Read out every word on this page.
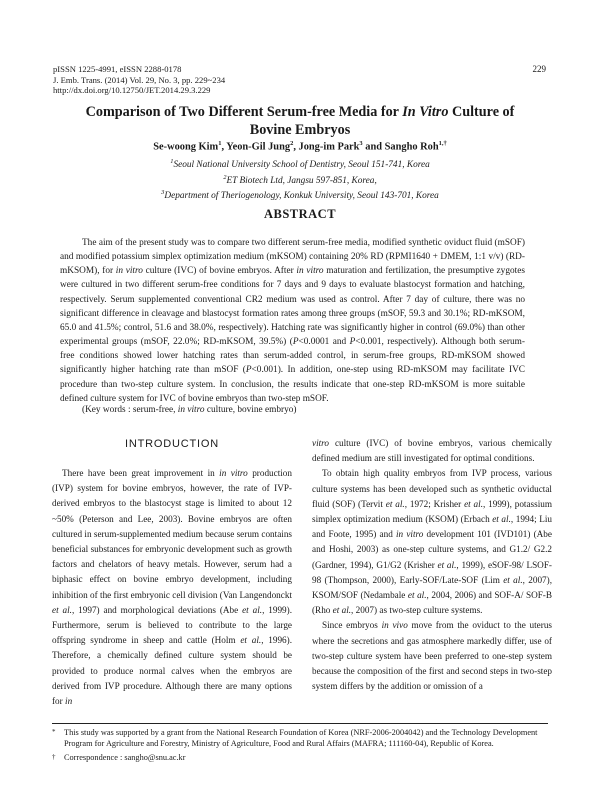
pISSN 1225-4991, eISSN 2288-0178
J. Emb. Trans. (2014) Vol. 29, No. 3, pp. 229~234
http://dx.doi.org/10.12750/JET.2014.29.3.229
229
Comparison of Two Different Serum-free Media for In Vitro Culture of
Bovine Embryos
Se-woong Kim$^1$, Yeon-Gil Jung$^2$, Jong-im Park$^3$ and Sangho Roh$^{1,\dagger}$
$^1$Seoul National University School of Dentistry, Seoul 151-741, Korea
$^2$ET Biotech Ltd, Jangsu 597-851, Korea,
$^3$Department of Theriogenology, Konkuk University, Seoul 143-701, Korea
ABSTRACT
The aim of the present study was to compare two different serum-free media, modified synthetic oviduct fluid (mSOF) and modified potassium simplex optimization medium (mKSOM) containing 20% RD (RPMI1640 + DMEM, 1:1 v/v) (RD-mKSOM), for in vitro culture (IVC) of bovine embryos. After in vitro maturation and fertilization, the presumptive zygotes were cultured in two different serum-free conditions for 7 days and 9 days to evaluate blastocyst formation and hatching, respectively. Serum supplemented conventional CR2 medium was used as control. After 7 day of culture, there was no significant difference in cleavage and blastocyst formation rates among three groups (mSOF, 59.3 and 30.1%; RD-mKSOM, 65.0 and 41.5%; control, 51.6 and 38.0%, respectively). Hatching rate was significantly higher in control (69.0%) than other experimental groups (mSOF, 22.0%; RD-mKSOM, 39.5%) (P<0.0001 and P<0.001, respectively). Although both serum-free conditions showed lower hatching rates than serum-added control, in serum-free groups, RD-mKSOM showed significantly higher hatching rate than mSOF (P<0.001). In addition, one-step using RD-mKSOM may facilitate IVC procedure than two-step culture system. In conclusion, the results indicate that one-step RD-mKSOM is more suitable defined culture system for IVC of bovine embryos than two-step mSOF.
(Key words : serum-free, in vitro culture, bovine embryo)
INTRODUCTION

There have been great improvement in in vitro production (IVP) system for bovine embryos, however, the rate of IVP-derived embryos to the blastocyst stage is limited to about 12 ~50% (Peterson and Lee, 2003). Bovine embryos are often cultured in serum-supplemented medium because serum contains beneficial substances for embryonic development such as growth factors and chelators of heavy metals. However, serum had a biphasic effect on bovine embryo development, including inhibition of the first embryonic cell division (Van Langendonckt et al., 1997) and morphological deviations (Abe et al., 1999). Furthermore, serum is believed to contribute to the large offspring syndrome in sheep and cattle (Holm et al., 1996). Therefore, a chemically defined culture system should be provided to produce normal calves when the embryos are derived from IVP procedure. Although there are many options for in

vitro culture (IVC) of bovine embryos, various chemically defined medium are still investigated for optimal conditions.

To obtain high quality embryos from IVP process, various culture systems has been developed such as synthetic oviductal fluid (SOF) (Tervit et al., 1972; Krisher et al., 1999), potassium simplex optimization medium (KSOM) (Erbach et al., 1994; Liu and Foote, 1995) and in vitro development 101 (IVD101) (Abe and Hoshi, 2003) as one-step culture systems, and G1.2/ G2.2 (Gardner, 1994), G1/G2 (Krisher et al., 1999), eSOF-98/ LSOF-98 (Thompson, 2000), Early-SOF/Late-SOF (Lim et al., 2007), KSOM/SOF (Nedambale et al., 2004, 2006) and SOF-A/ SOF-B (Rho et al., 2007) as two-step culture systems.

Since embryos in vivo move from the oviduct to the uterus where the secretions and gas atmosphere markedly differ, use of two-step culture system have been preferred to one-step system because the composition of the first and second steps in two-step system differs by the addition or omission of a

* This study was supported by a grant from the National Research Foundation of Korea (NRF-2006-2004042) and the Technology Development Program for Agriculture and Forestry, Ministry of Agriculture, Food and Rural Affairs (MAFRA; 111160-04), Republic of Korea.
† Correspondence : sangho@snu.ac.kr
